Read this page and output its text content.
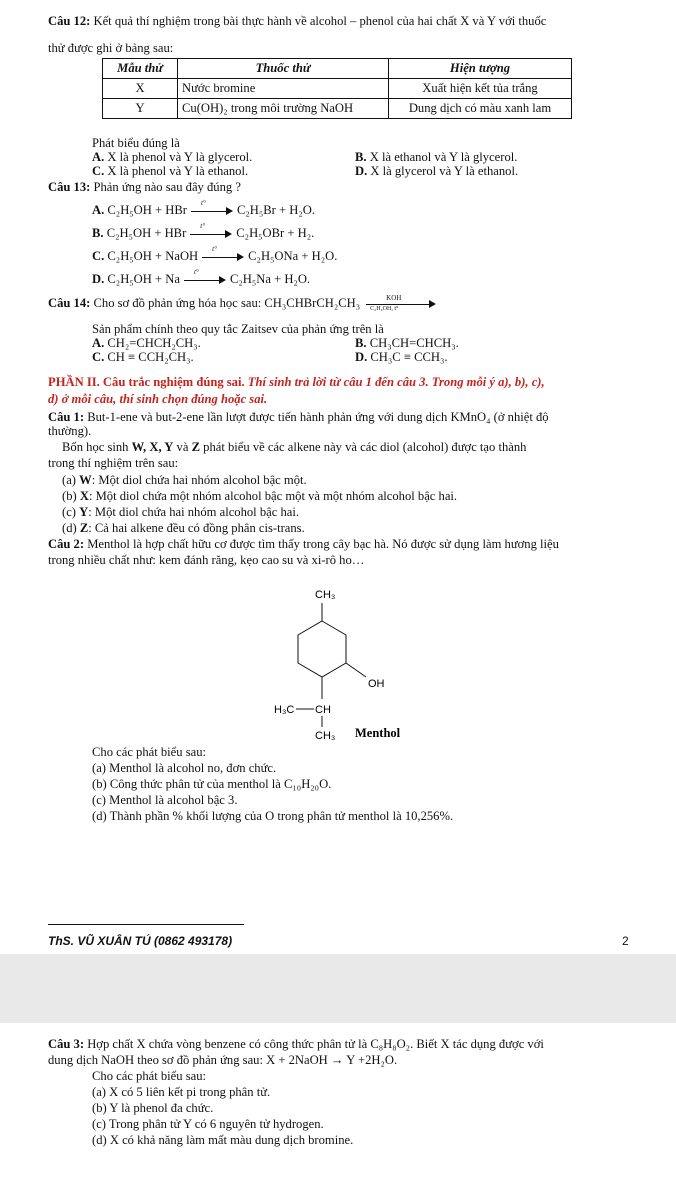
Câu 12: Kết quả thí nghiệm trong bài thực hành về alcohol – phenol của hai chất X và Y với thuốc
thử được ghi ở bảng sau:
Mẫu thử	Thuốc thử	Hiện tượng
X	Nước bromine	Xuất hiện kết tủa trắng
Y	Cu(OH)₂ trong môi trường NaOH	Dung dịch có màu xanh lam
Phát biểu đúng là
A. X là phenol và Y là glycerol.	B. X là ethanol và Y là glycerol.
C. X là phenol và Y là ethanol.	D. X là glycerol và Y là ethanol.
Câu 13: Phản ứng nào sau đây đúng ?
A.
C₂H₅OH + HBr
t°
C₂H₅Br + H₂O.
B.
C₂H₅OH + HBr
t°
C₂H₅OBr + H₂.
C.
C₂H₅OH + NaOH
t°
C₂H₅ONa + H₂O.
D.
C₂H₅OH + Na
t°
C₂H₅Na + H₂O.
Câu 14:
Cho sơ đồ phản ứng hóa học sau:
CH₃CHBrCH₂CH₃	KOH
C₂H₅OH, t°
Sản phẩm chính theo quy tắc Zaitsev của phản ứng trên là
A. CH₂=CHCH₂CH₃.	B. CH₃CH=CHCH₃.
C. CH ≡ CCH₂CH₃.	D. CH₃C ≡ CCH₃.
PHẦN II. Câu trắc nghiệm đúng sai. Thí sinh trả lời từ câu 1 đến câu 3. Trong mỗi ý a), b), c),
d) ở mỗi câu, thí sinh chọn đúng hoặc sai.
Câu 1: But-1-ene và but-2-ene lần lượt được tiến hành phản ứng với dung dịch KMnO₄ (ở nhiệt độ
thường).
Bốn học sinh W, X, Y và Z phát biểu về các alkene này và các diol (alcohol) được tạo thành
trong thí nghiệm trên sau:
(a) W: Một diol chứa hai nhóm alcohol bậc một.
(b) X: Một diol chứa một nhóm alcohol bậc một và một nhóm alcohol bậc hai.
(c) Y: Một diol chứa hai nhóm alcohol bậc hai.
(d) Z: Cả hai alkene đều có đồng phân cis-trans.
Câu 2: Menthol là hợp chất hữu cơ được tìm thấy trong cây bạc hà. Nó được sử dụng làm hương liệu
trong nhiều chất như: kem đánh răng, kẹo cao su và xi-rô ho…
CH₃
OH
H₃C CH
CH₃ Menthol
Cho các phát biểu sau:
(a) Menthol là alcohol no, đơn chức.
(b) Công thức phân tử của menthol là C₁₀H₂₀O.
(c) Menthol là alcohol bậc 3.
(d) Thành phần % khối lượng của O trong phân tử menthol là 10,256%.
ThS. VŨ XUÂN TÚ (0862 493178)	2
Câu 3: Hợp chất X chứa vòng benzene có công thức phân tử là C₈H₈O₂. Biết X tác dụng được với
dung dịch NaOH theo sơ đồ phản ứng sau: X + 2NaOH → Y +2H₂O.
Cho các phát biểu sau:
(a) X có 5 liên kết pi trong phân tử.
(b) Y là phenol đa chức.
(c) Trong phân tử Y có 6 nguyên tử hydrogen.
(d) X có khả năng làm mất màu dung dịch bromine.
